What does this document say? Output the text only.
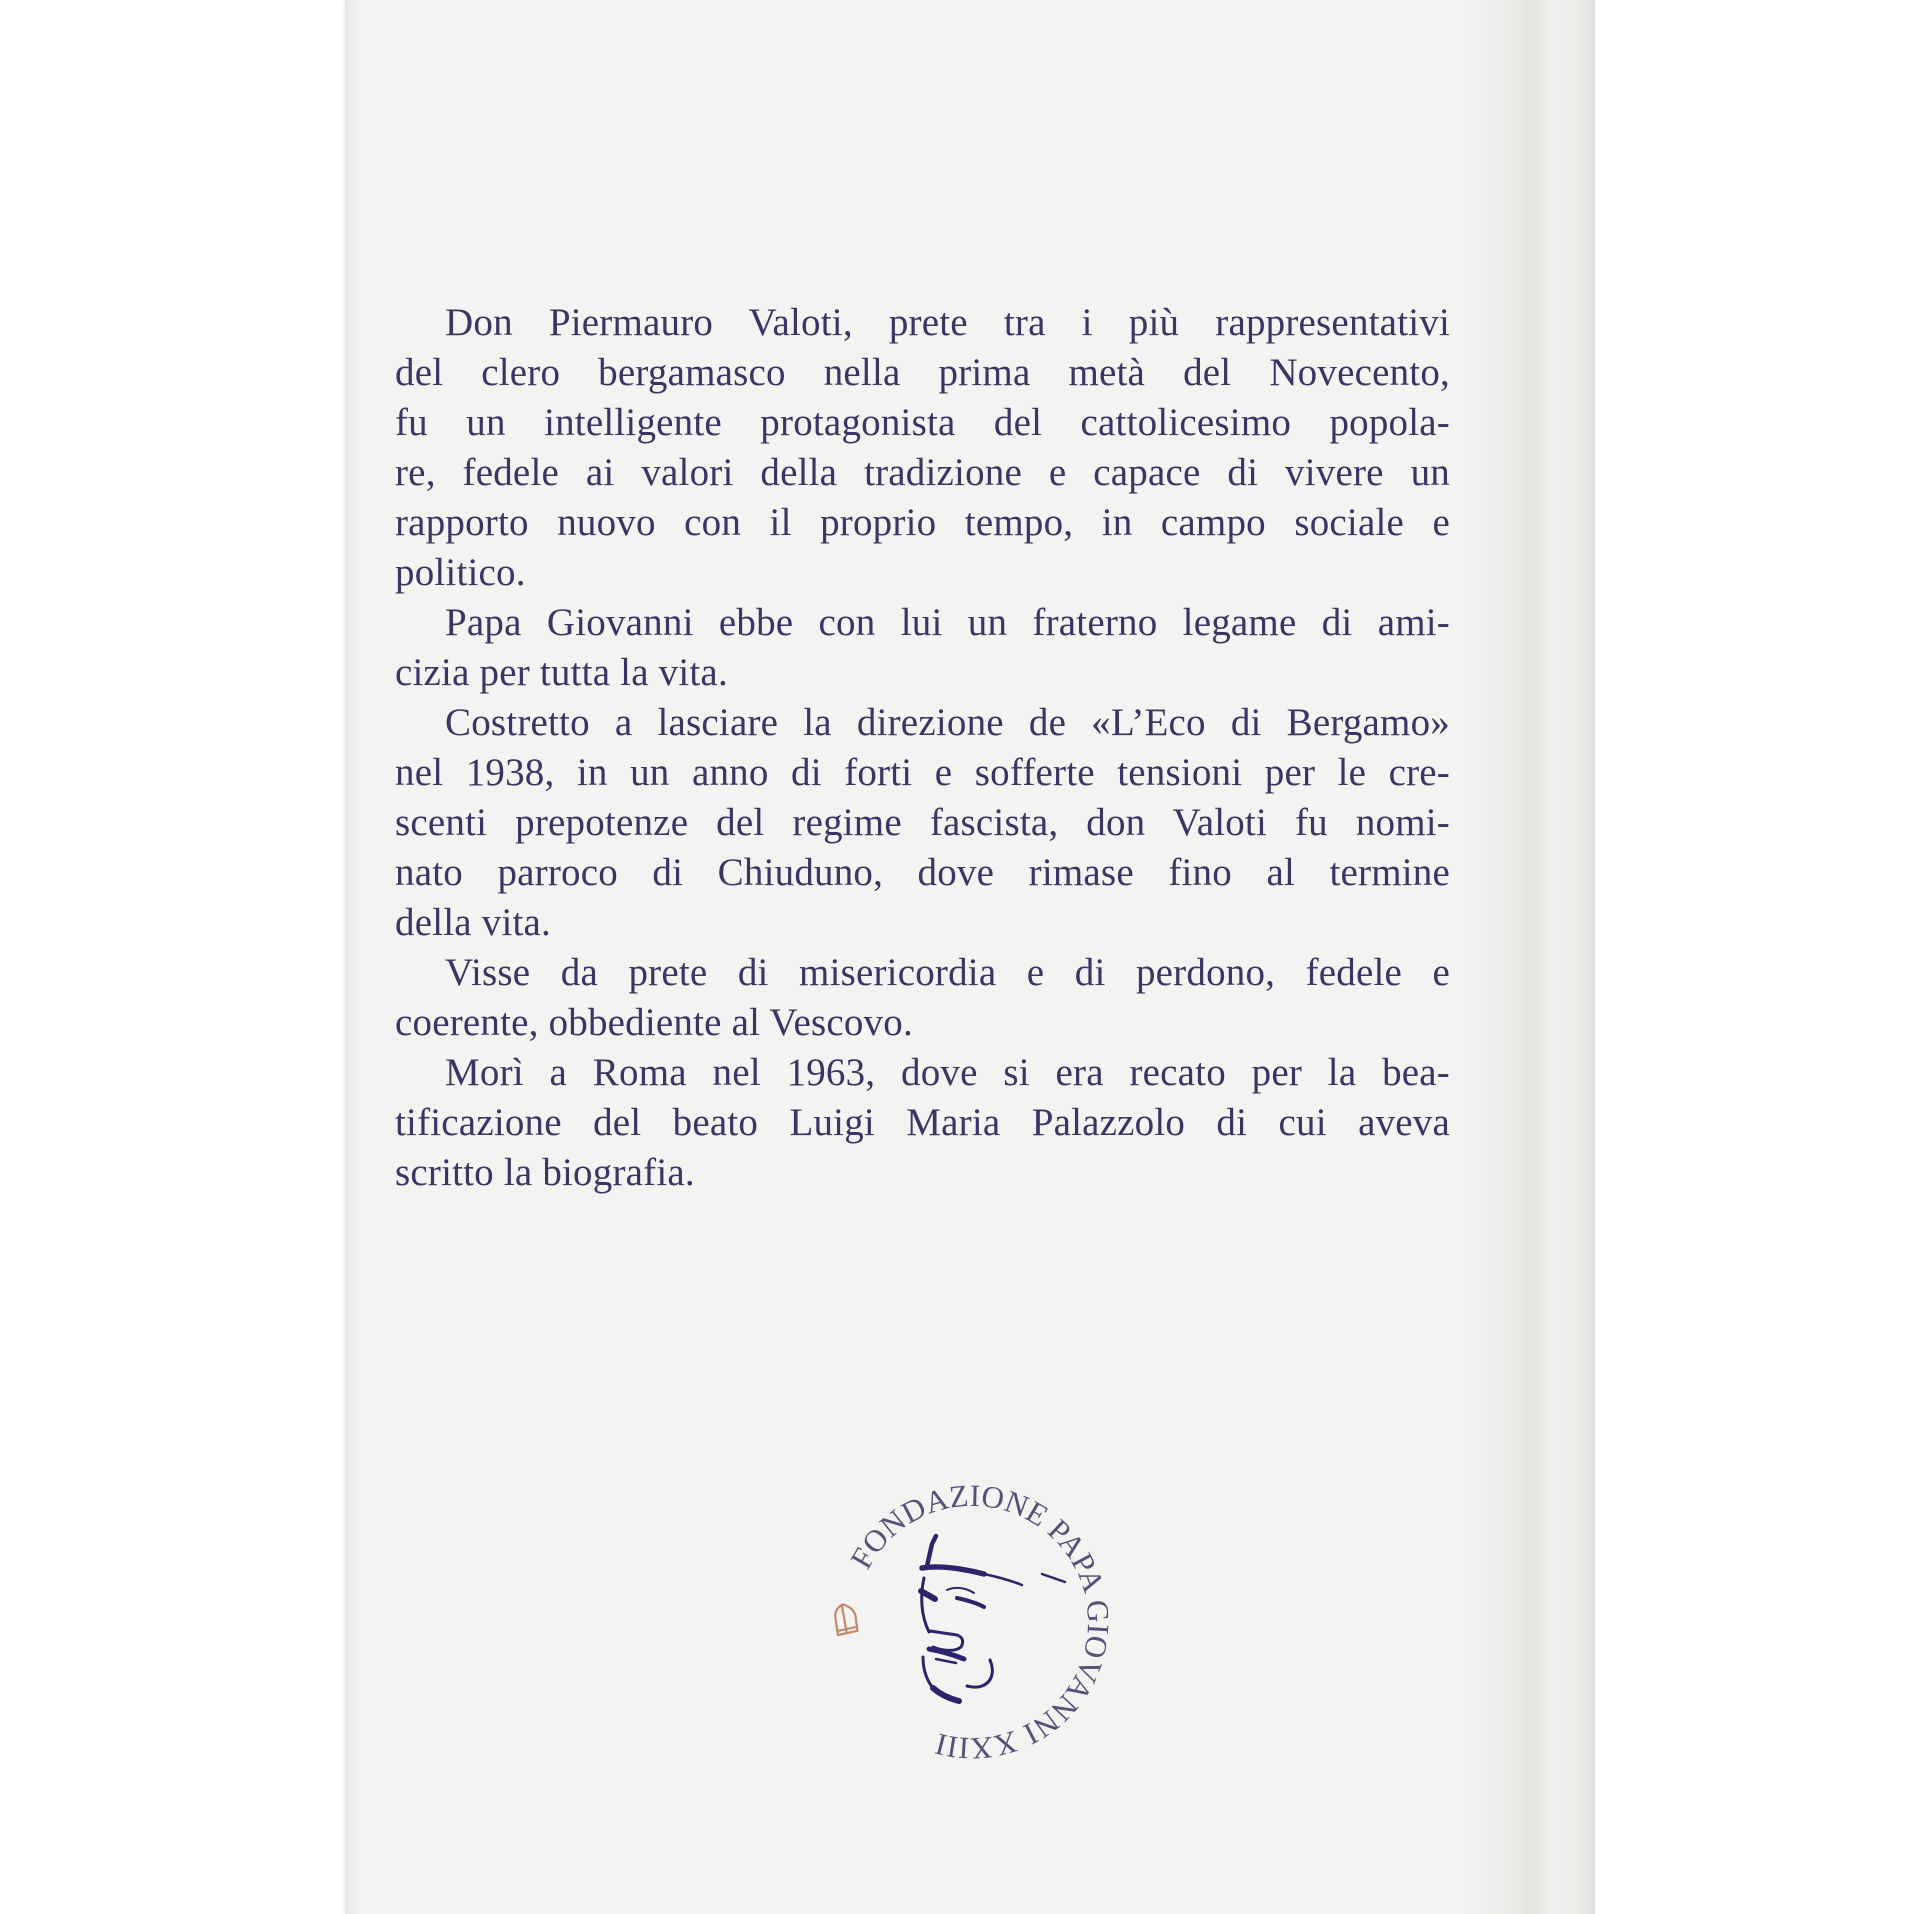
Don Piermauro Valoti, prete tra i più rappresentativi
del clero bergamasco nella prima metà del Novecento,
fu un intelligente protagonista del cattolicesimo popola-
re, fedele ai valori della tradizione e capace di vivere un
rapporto nuovo con il proprio tempo, in campo sociale e
politico.
Papa Giovanni ebbe con lui un fraterno legame di ami-
cizia per tutta la vita.
Costretto a lasciare la direzione de «L’Eco di Bergamo»
nel 1938, in un anno di forti e sofferte tensioni per le cre-
scenti prepotenze del regime fascista, don Valoti fu nomi-
nato parroco di Chiuduno, dove rimase fino al termine
della vita.
Visse da prete di misericordia e di perdono, fedele e
coerente, obbediente al Vescovo.
Morì a Roma nel 1963, dove si era recato per la bea-
tificazione del beato Luigi Maria Palazzolo di cui aveva
scritto la biografia.
FONDAZIONE PAPA GIOVANNI XXIII
